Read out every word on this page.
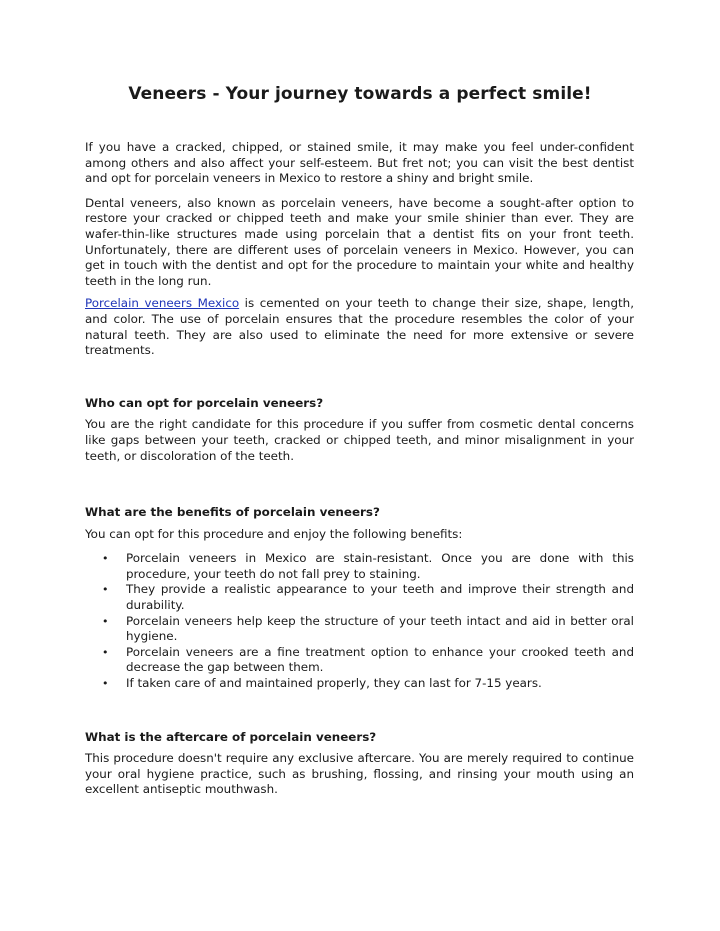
Veneers - Your journey towards a perfect smile!

If you have a cracked, chipped, or stained smile, it may make you feel under-confident among others and also affect your self-esteem. But fret not; you can visit the best dentist and opt for porcelain veneers in Mexico to restore a shiny and bright smile.

Dental veneers, also known as porcelain veneers, have become a sought-after option to restore your cracked or chipped teeth and make your smile shinier than ever. They are wafer-thin-like structures made using porcelain that a dentist fits on your front teeth. Unfortunately, there are different uses of porcelain veneers in Mexico. However, you can get in touch with the dentist and opt for the procedure to maintain your white and healthy teeth in the long run.

Porcelain veneers Mexico is cemented on your teeth to change their size, shape, length, and color. The use of porcelain ensures that the procedure resembles the color of your natural teeth. They are also used to eliminate the need for more extensive or severe treatments.

Who can opt for porcelain veneers?

You are the right candidate for this procedure if you suffer from cosmetic dental concerns like gaps between your teeth, cracked or chipped teeth, and minor misalignment in your teeth, or discoloration of the teeth.

What are the benefits of porcelain veneers?

You can opt for this procedure and enjoy the following benefits:

• Porcelain veneers in Mexico are stain-resistant. Once you are done with this procedure, your teeth do not fall prey to staining.
• They provide a realistic appearance to your teeth and improve their strength and durability.
• Porcelain veneers help keep the structure of your teeth intact and aid in better oral hygiene.
• Porcelain veneers are a fine treatment option to enhance your crooked teeth and decrease the gap between them.
• If taken care of and maintained properly, they can last for 7-15 years.

What is the aftercare of porcelain veneers?

This procedure doesn't require any exclusive aftercare. You are merely required to continue your oral hygiene practice, such as brushing, flossing, and rinsing your mouth using an excellent antiseptic mouthwash.
